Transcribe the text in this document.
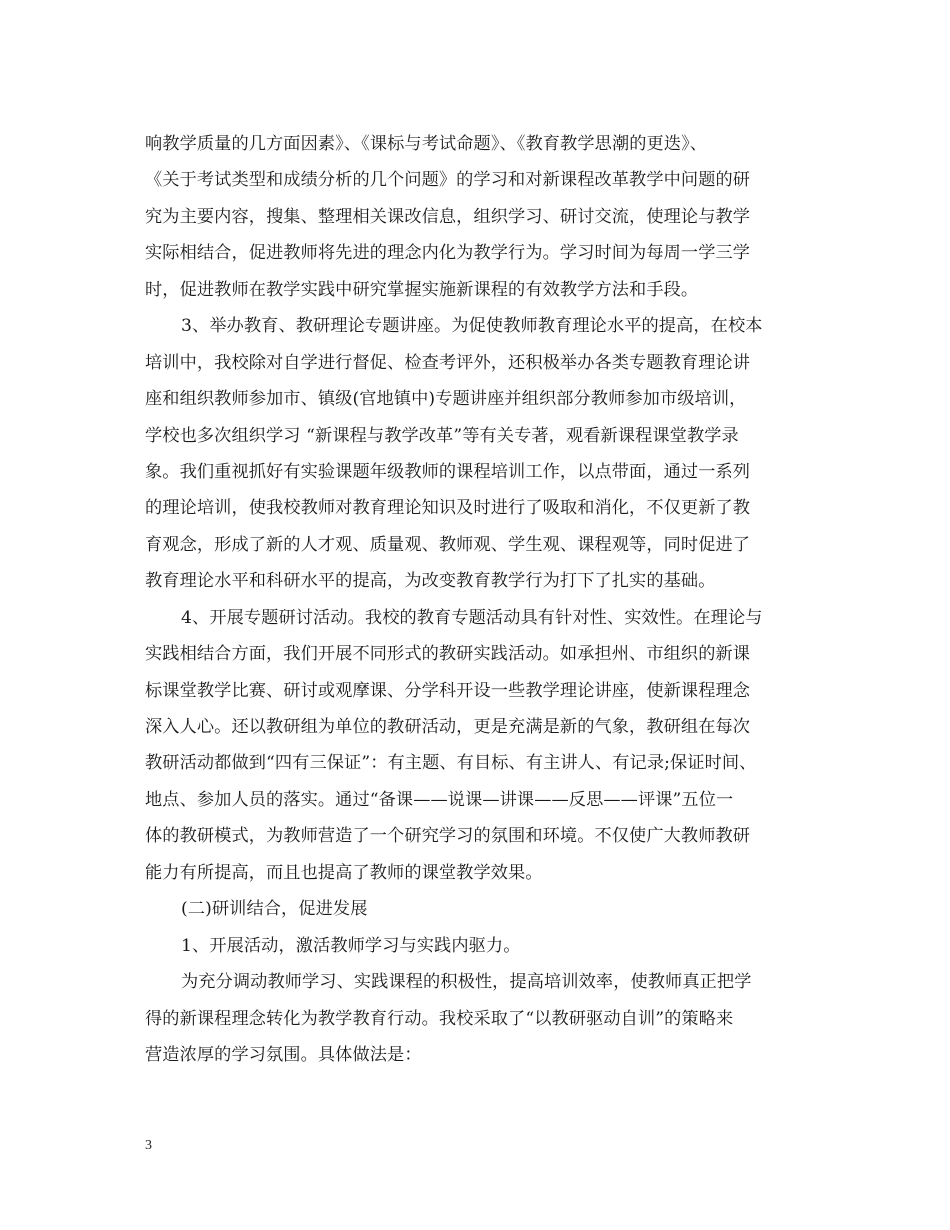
响教学质量的几方面因素》、《课标与考试命题》、《教育教学思潮的更迭》、
《关于考试类型和成绩分析的几个问题》的学习和对新课程改革教学中问题的研
究为主要内容，搜集、整理相关课改信息，组织学习、研讨交流，使理论与教学
实际相结合，促进教师将先进的理念内化为教学行为。学习时间为每周一学三学
时，促进教师在教学实践中研究掌握实施新课程的有效教学方法和手段。
3、举办教育、教研理论专题讲座。为促使教师教育理论水平的提高，在校本
培训中，我校除对自学进行督促、检查考评外，还积极举办各类专题教育理论讲
座和组织教师参加市、镇级(官地镇中)专题讲座并组织部分教师参加市级培训，
学校也多次组织学习 “新课程与教学改革”等有关专著，观看新课程课堂教学录
象。我们重视抓好有实验课题年级教师的课程培训工作，以点带面，通过一系列
的理论培训，使我校教师对教育理论知识及时进行了吸取和消化，不仅更新了教
育观念，形成了新的人才观、质量观、教师观、学生观、课程观等，同时促进了
教育理论水平和科研水平的提高，为改变教育教学行为打下了扎实的基础。
4、开展专题研讨活动。我校的教育专题活动具有针对性、实效性。在理论与
实践相结合方面，我们开展不同形式的教研实践活动。如承担州、市组织的新课
标课堂教学比赛、研讨或观摩课、分学科开设一些教学理论讲座，使新课程理念
深入人心。还以教研组为单位的教研活动，更是充满是新的气象，教研组在每次
教研活动都做到“四有三保证”：有主题、有目标、有主讲人、有记录;保证时间、
地点、参加人员的落实。通过“备课——说课—讲课——反思——评课”五位一
体的教研模式，为教师营造了一个研究学习的氛围和环境。不仅使广大教师教研
能力有所提高，而且也提高了教师的课堂教学效果。
(二)研训结合，促进发展
1、开展活动，激活教师学习与实践内驱力。
为充分调动教师学习、实践课程的积极性，提高培训效率，使教师真正把学
得的新课程理念转化为教学教育行动。我校采取了“以教研驱动自训”的策略来
营造浓厚的学习氛围。具体做法是：
3
